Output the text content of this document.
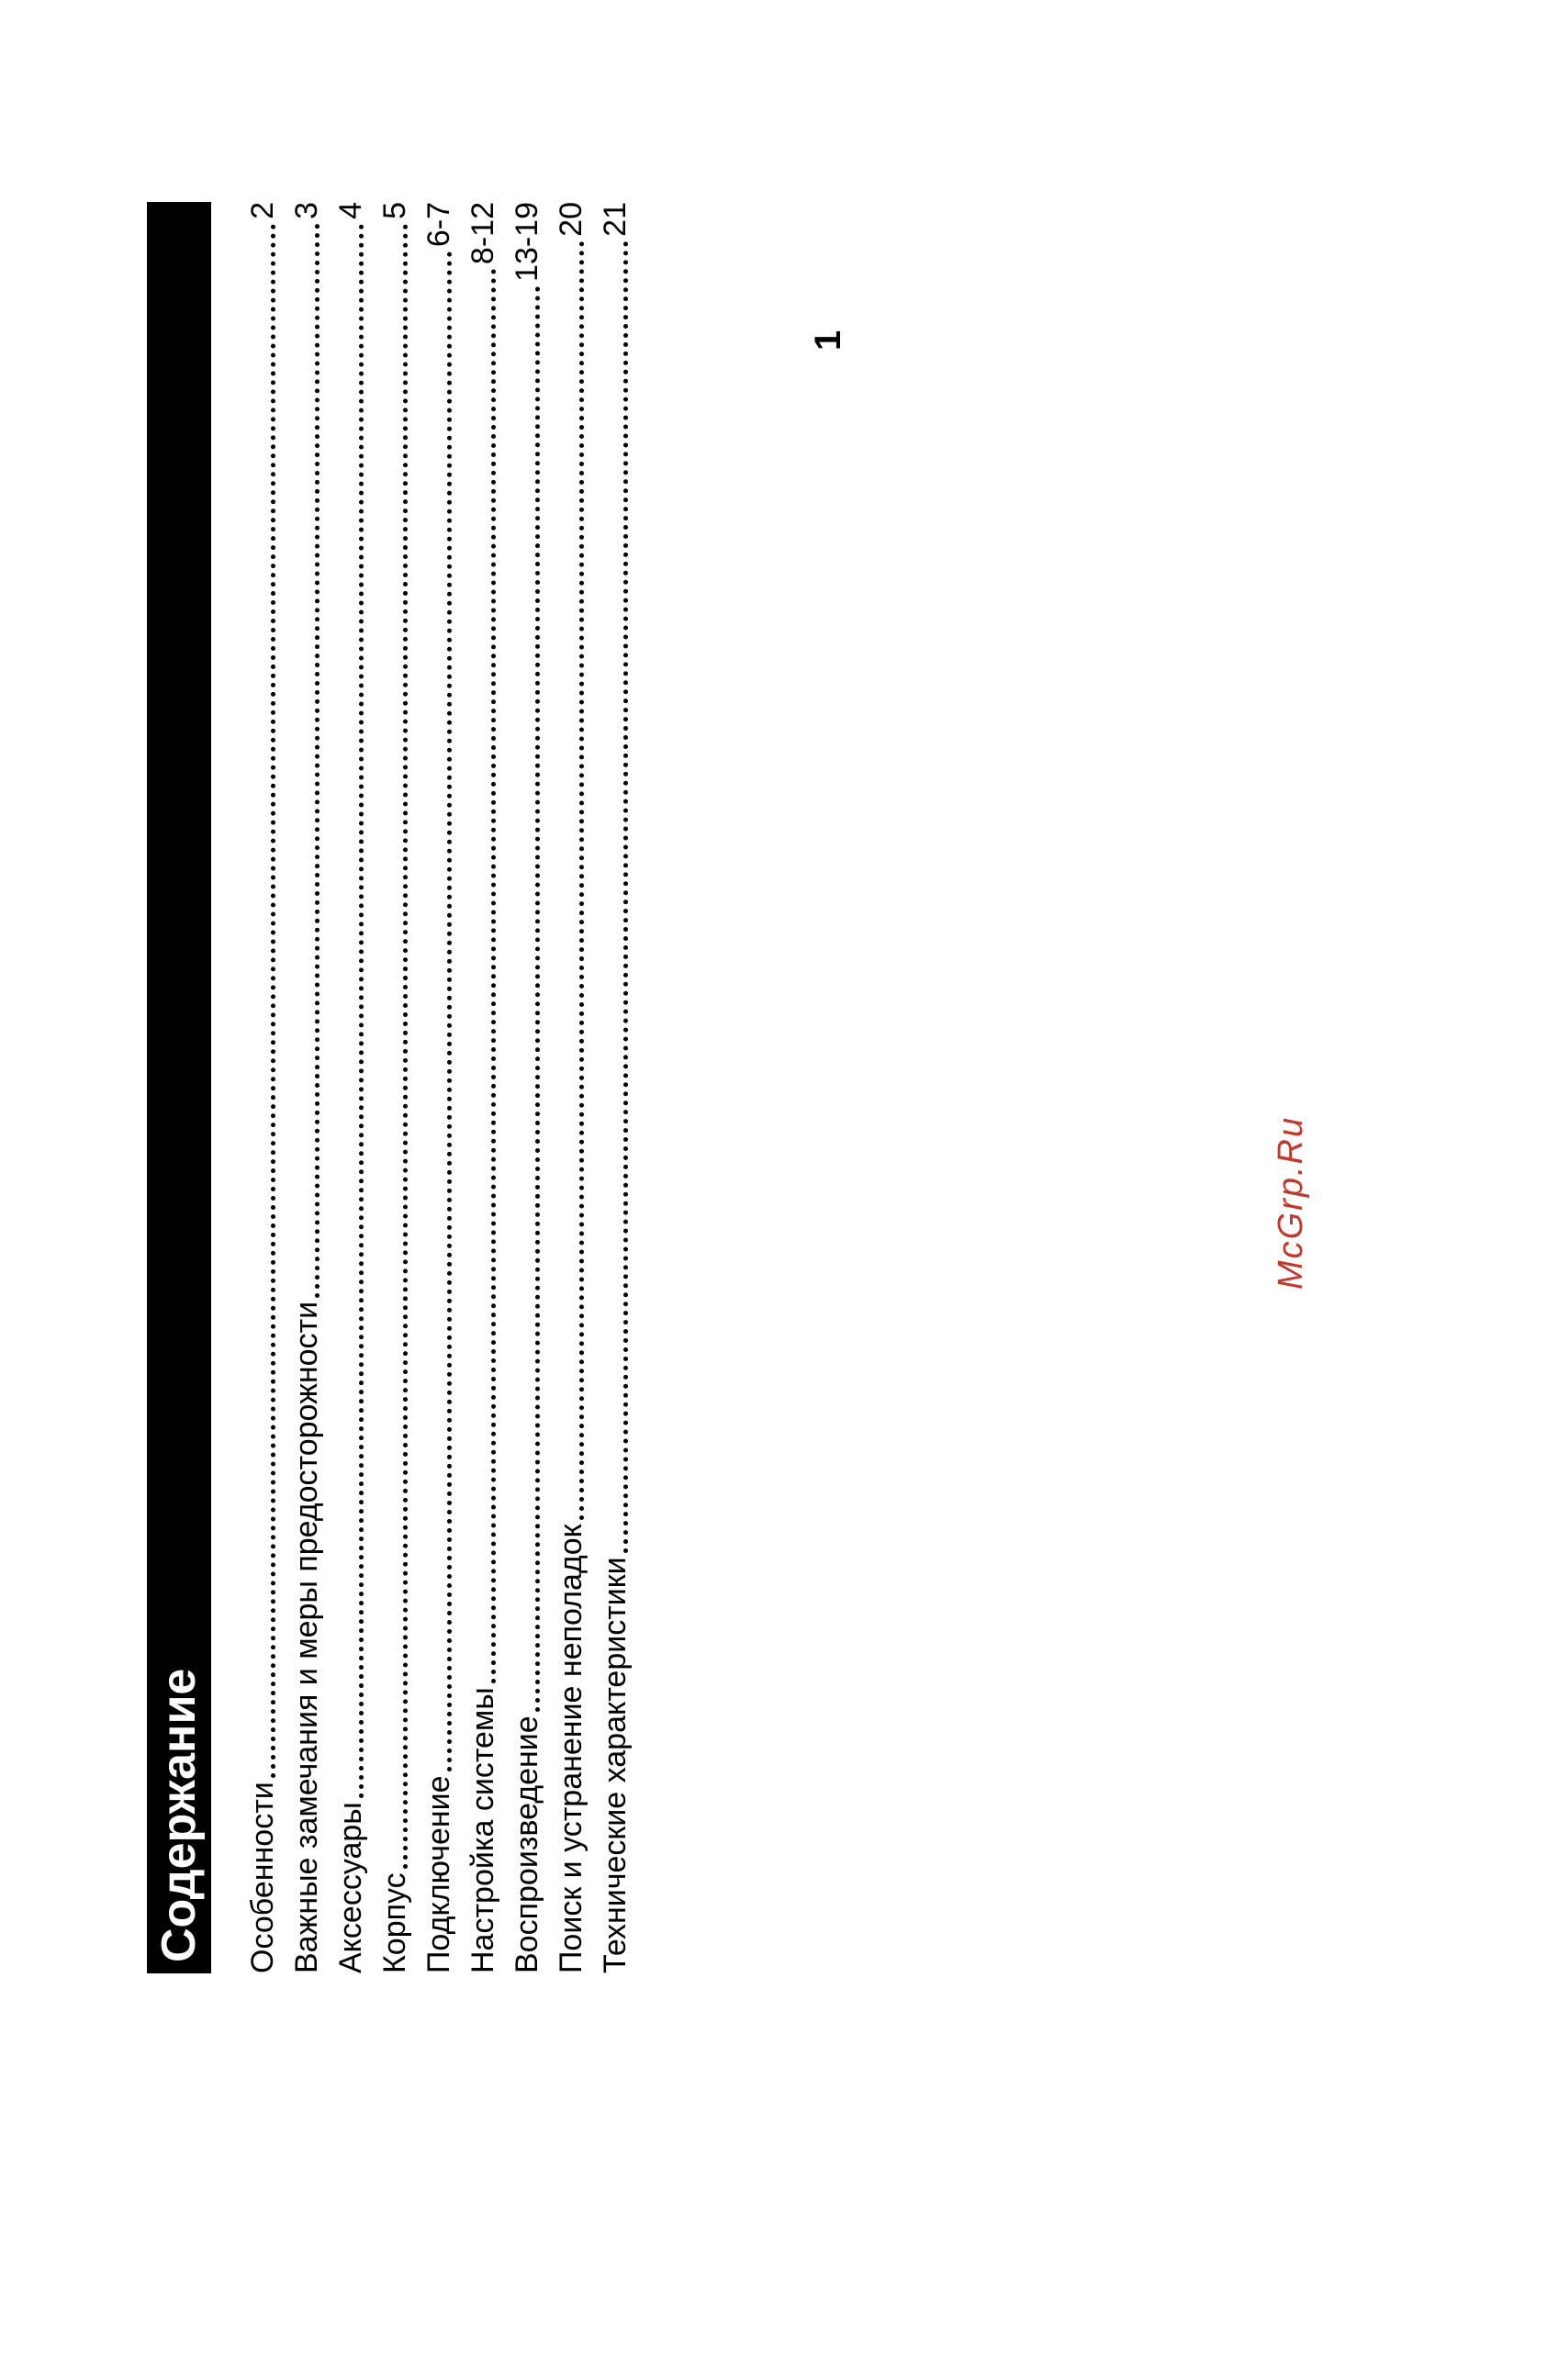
Содержание Особенности
2
Важные замечания и меры предосторожности
3
Аксессуары
4
Корпус
5
Подключение
6-7
Настройка системы
8-12
Воспроизведение
13-19
Поиск и устранение неполадок
20
Технические характеристики
21
McGrp.Ru
1
